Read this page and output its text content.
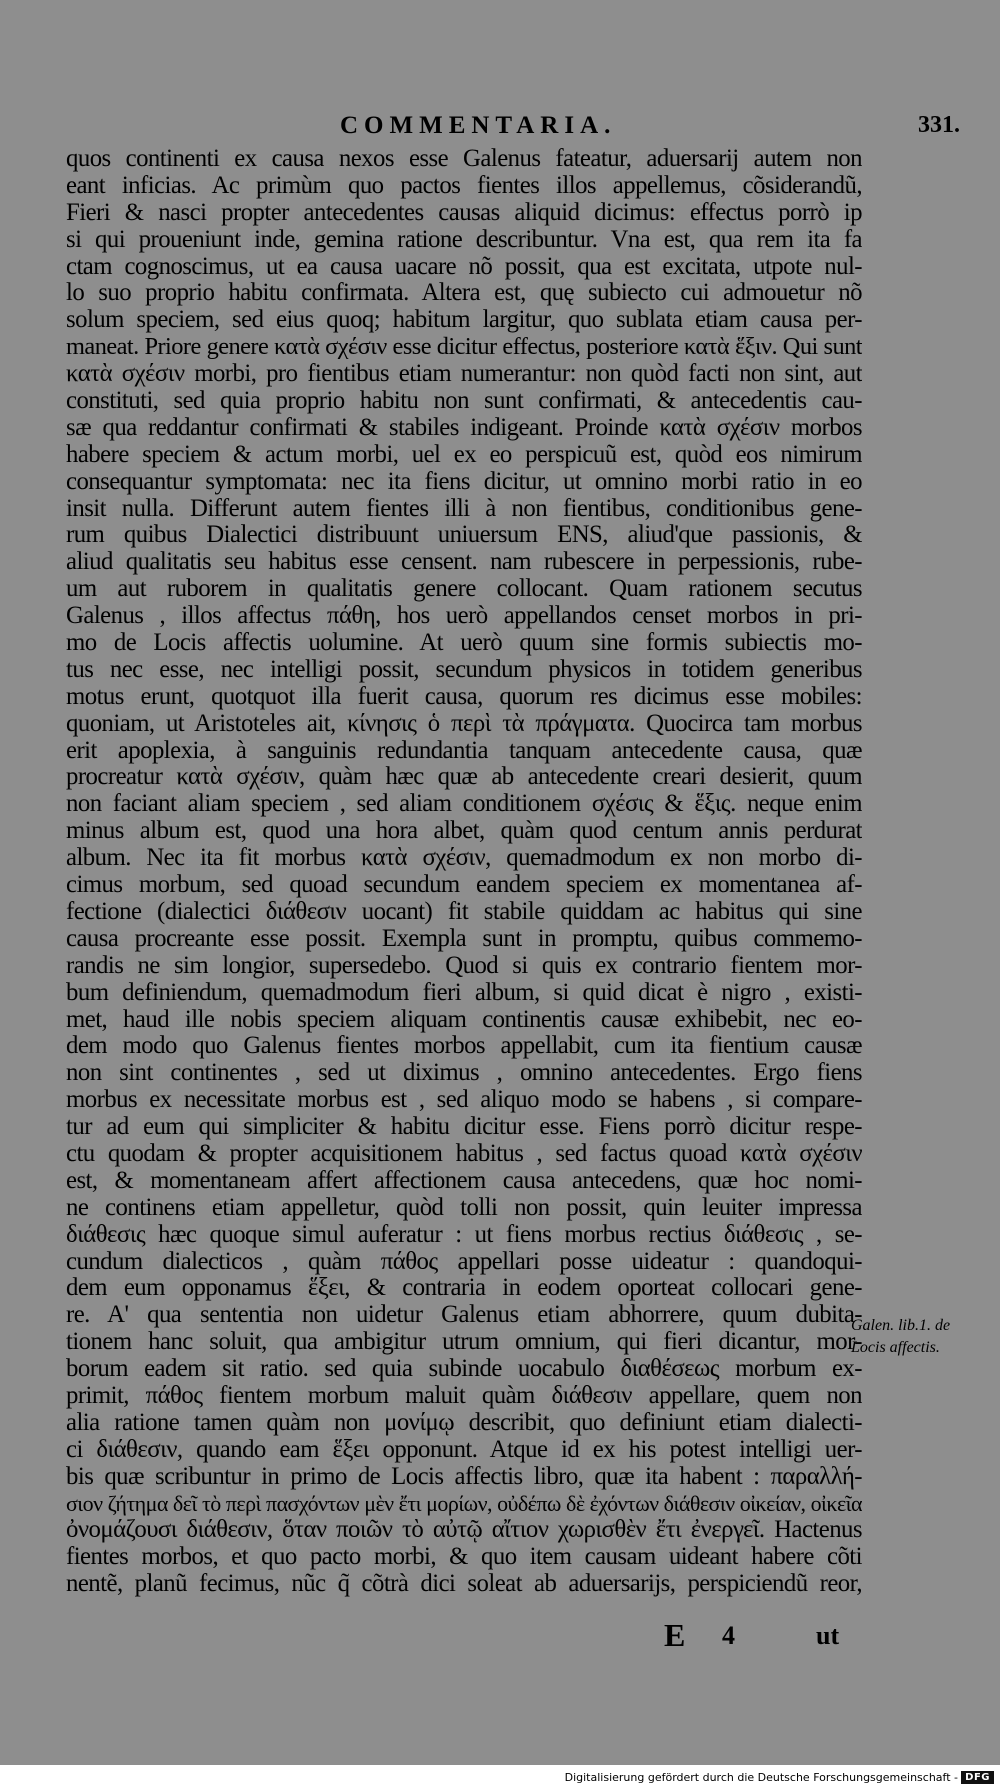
COMMENTARIA.	331.
quos continenti ex causa nexos esse Galenus fateatur, aduersarij autem non
eant inficias. Ac primùm quo pactos fientes illos appellemus, cõsiderandũ,
Fieri & nasci propter antecedentes causas aliquid dicimus: effectus porrò ip
si qui proueniunt inde, gemina ratione describuntur. Vna est, qua rem ita fa
ctam cognoscimus, ut ea causa uacare nõ possit, qua est excitata, utpote nul-
lo suo proprio habitu confirmata. Altera est, quę subiecto cui admouetur nõ
solum speciem, sed eius quoq; habitum largitur, quo sublata etiam causa per-
maneat. Priore genere κατὰ σχέσιν esse dicitur effectus, posteriore κατὰ ἕξιν. Qui sunt
κατὰ σχέσιν morbi, pro fientibus etiam numerantur: non quòd facti non sint, aut
constituti, sed quia proprio habitu non sunt confirmati, & antecedentis cau-
sæ qua reddantur confirmati & stabiles indigeant. Proinde κατὰ σχέσιν morbos
habere speciem & actum morbi, uel ex eo perspicuũ est, quòd eos nimirum
consequantur symptomata: nec ita fiens dicitur, ut omnino morbi ratio in eo
insit nulla. Differunt autem fientes illi à non fientibus, conditionibus gene-
rum quibus Dialectici distribuunt uniuersum ENS, aliud'que passionis, &
aliud qualitatis seu habitus esse censent. nam rubescere in perpessionis, rube-
um aut ruborem in qualitatis genere collocant. Quam rationem secutus
Galenus , illos affectus πάθη, hos uerò appellandos censet morbos in pri-
mo de Locis affectis uolumine. At uerò quum sine formis subiectis mo-
tus nec esse, nec intelligi possit, secundum physicos in totidem generibus
motus erunt, quotquot illa fuerit causa, quorum res dicimus esse mobiles:
quoniam, ut Aristoteles ait, κίνησις ὁ περὶ τὰ πράγματα. Quocirca tam morbus
erit apoplexia, à sanguinis redundantia tanquam antecedente causa, quæ
procreatur κατὰ σχέσιν, quàm hæc quæ ab antecedente creari desierit, quum
non faciant aliam speciem , sed aliam conditionem σχέσις & ἕξις. neque enim
minus album est, quod una hora albet, quàm quod centum annis perdurat
album. Nec ita fit morbus κατὰ σχέσιν, quemadmodum ex non morbo di-
cimus morbum, sed quoad secundum eandem speciem ex momentanea af-
fectione (dialectici διάθεσιν uocant) fit stabile quiddam ac habitus qui sine
causa procreante esse possit. Exempla sunt in promptu, quibus commemo-
randis ne sim longior, supersedebo. Quod si quis ex contrario fientem mor-
bum definiendum, quemadmodum fieri album, si quid dicat è nigro , existi-
met, haud ille nobis speciem aliquam continentis causæ exhibebit, nec eo-
dem modo quo Galenus fientes morbos appellabit, cum ita fientium causæ
non sint continentes , sed ut diximus , omnino antecedentes. Ergo fiens
morbus ex necessitate morbus est , sed aliquo modo se habens , si compare-
tur ad eum qui simpliciter & habitu dicitur esse. Fiens porrò dicitur respe-
ctu quodam & propter acquisitionem habitus , sed factus quoad κατὰ σχέσιν
est, & momentaneam affert affectionem causa antecedens, quæ hoc nomi-
ne continens etiam appelletur, quòd tolli non possit, quin leuiter impressa
διάθεσις hæc quoque simul auferatur : ut fiens morbus rectius διάθεσις , se-
cundum dialecticos , quàm πάθος appellari posse uideatur : quandoqui-
dem eum opponamus ἕξει, & contraria in eodem oporteat collocari gene-
re. A' qua sententia non uidetur Galenus etiam abhorrere, quum dubita-
tionem hanc soluit, qua ambigitur utrum omnium, qui fieri dicantur, mor-
borum eadem sit ratio. sed quia subinde uocabulo διαθέσεως morbum ex-
primit, πάθος fientem morbum maluit quàm διάθεσιν appellare, quem non
alia ratione tamen quàm non μονίμῳ describit, quo definiunt etiam dialecti-
ci διάθεσιν, quando eam ἕξει opponunt. Atque id ex his potest intelligi uer-
bis quæ scribuntur in primo de Locis affectis libro, quæ ita habent : παραλλή-
σιον ζήτημα δεῖ τὸ περὶ πασχόντων μὲν ἔτι μορίων, οὐδέπω δὲ ἐχόντων διάθεσιν οἰκείαν, οἰκεῖα
ὀνομάζουσι διάθεσιν, ὅταν ποιῶν τὸ αὐτῷ αἴτιον χωρισθὲν ἔτι ἐνεργεῖ. Hactenus
fientes morbos, et quo pacto morbi, & quo item causam uideant habere cõti
nentẽ, planũ fecimus, nũc q̃ cõtrà dici soleat ab aduersarijs, perspiciendũ reor,
Galen. lib.1. de
Locis affectis.
E 4	ut
Digitalisierung gefördert durch die Deutsche Forschungsgemeinschaft - DFG
